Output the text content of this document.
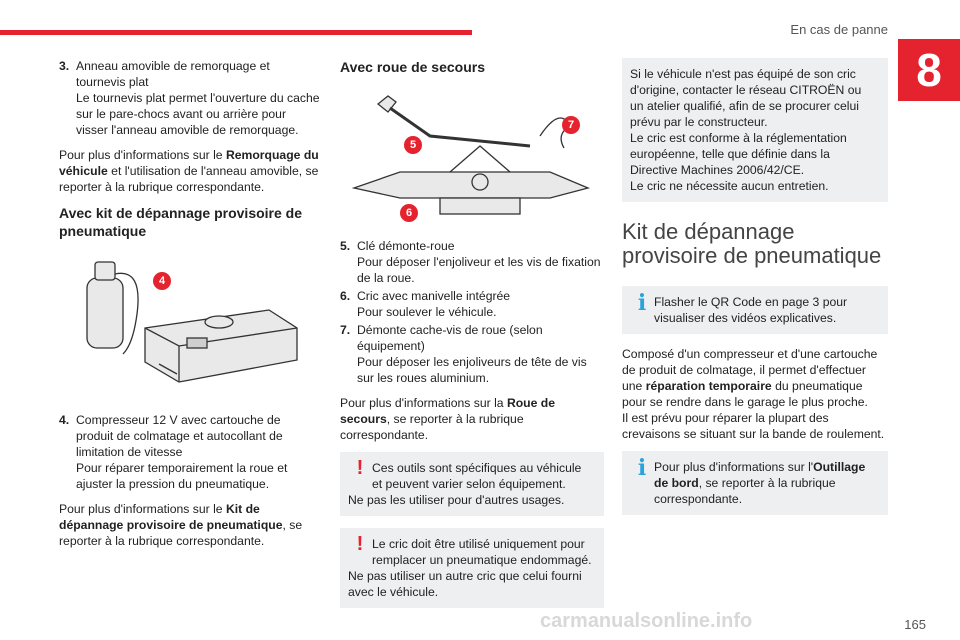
En cas de panne
8
3. Anneau amovible de remorquage et tournevis plat
Le tournevis plat permet l'ouverture du cache sur le pare-chocs avant ou arrière pour visser l'anneau amovible de remorquage.

Pour plus d'informations sur le Remorquage du véhicule et l'utilisation de l'anneau amovible, se reporter à la rubrique correspondante.

Avec kit de dépannage provisoire de pneumatique
4
4. Compresseur 12 V avec cartouche de produit de colmatage et autocollant de limitation de vitesse
Pour réparer temporairement la roue et ajuster la pression du pneumatique.

Pour plus d'informations sur le Kit de dépannage provisoire de pneumatique, se reporter à la rubrique correspondante.

Avec roue de secours
5
7
6
5. Clé démonte-roue
Pour déposer l'enjoliveur et les vis de fixation de la roue.
6. Cric avec manivelle intégrée
Pour soulever le véhicule.
7. Démonte cache-vis de roue (selon équipement)
Pour déposer les enjoliveurs de tête de vis sur les roues aluminium.

Pour plus d'informations sur la Roue de secours, se reporter à la rubrique correspondante.

! Ces outils sont spécifiques au véhicule et peuvent varier selon équipement.
Ne pas les utiliser pour d'autres usages.
! Le cric doit être utilisé uniquement pour remplacer un pneumatique endommagé.
Ne pas utiliser un autre cric que celui fourni avec le véhicule.
Si le véhicule n'est pas équipé de son cric d'origine, contacter le réseau CITROËN ou un atelier qualifié, afin de se procurer celui prévu par le constructeur.
Le cric est conforme à la réglementation européenne, telle que définie dans la Directive Machines 2006/42/CE.
Le cric ne nécessite aucun entretien.
Kit de dépannage provisoire de pneumatique
i Flasher le QR Code en page 3 pour visualiser des vidéos explicatives.

Composé d'un compresseur et d'une cartouche de produit de colmatage, il permet d'effectuer une réparation temporaire du pneumatique pour se rendre dans le garage le plus proche.
Il est prévu pour réparer la plupart des crevaisons se situant sur la bande de roulement.

i Pour plus d'informations sur l'Outillage de bord, se reporter à la rubrique correspondante.
carmanualsonline.info	165
